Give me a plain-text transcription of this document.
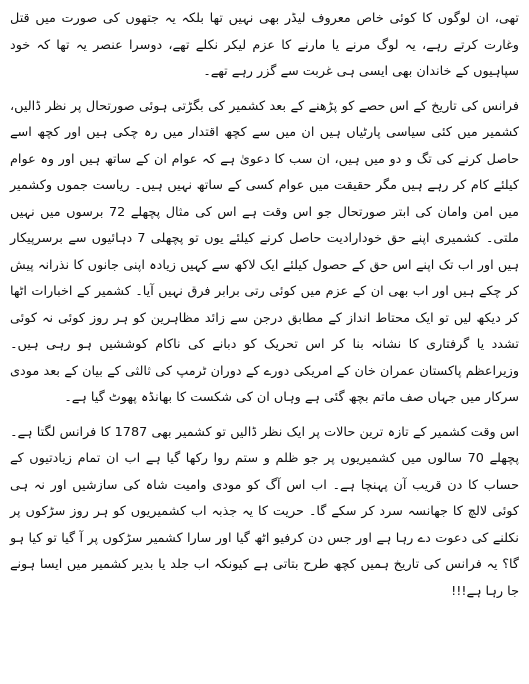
تھی، ان لوگوں کا کوئی خاص معروف لیڈر بھی نہیں تھا بلکہ یہ جتھوں کی صورت میں قتل وغارت کرتے رہے، یہ لوگ مرنے یا مارنے کا عزم لیکر نکلے تھے، دوسرا عنصر یہ تھا کہ خود سپاہیوں کے خاندان بھی ایسی ہی غربت سے گزر رہے تھے۔

فرانس کی تاریخ کے اس حصے کو پڑھنے کے بعد کشمیر کی بگڑتی ہوئی صورتحال پر نظر ڈالیں، کشمیر میں کئی سیاسی پارٹیاں ہیں ان میں سے کچھ اقتدار میں رہ چکی ہیں اور کچھ اسے حاصل کرنے کی تگ و دو میں ہیں، ان سب کا دعویٰ ہے کہ عوام ان کے ساتھ ہیں اور وہ عوام کیلئے کام کر رہے ہیں مگر حقیقت میں عوام کسی کے ساتھ نہیں ہیں۔ ریاست جموں وکشمیر میں امن وامان کی ابتر صورتحال جو اس وقت ہے اس کی مثال پچھلے 72 برسوں میں نہیں ملتی۔ کشمیری اپنے حق خودارادیت حاصل کرنے کیلئے یوں تو پچھلی 7 دہائیوں سے برسرپیکار ہیں اور اب تک اپنے اس حق کے حصول کیلئے ایک لاکھ سے کہیں زیادہ اپنی جانوں کا نذرانہ پیش کر چکے ہیں اور اب بھی ان کے عزم میں کوئی رتی برابر فرق نہیں آیا۔ کشمیر کے اخبارات اٹھا کر دیکھ لیں تو ایک محتاط انداز کے مطابق درجن سے زائد مظاہرین کو ہر روز کوئی نہ کوئی تشدد یا گرفتاری کا نشانہ بنا کر اس تحریک کو دبانے کی ناکام کوششیں ہو رہی ہیں۔ وزیراعظم پاکستان عمران خان کے امریکی دورے کے دوران ٹرمپ کی ثالثی کے بیان کے بعد مودی سرکار میں جہاں صف ماتم بچھ گئی ہے وہاں ان کی شکست کا بھانڈہ پھوٹ گیا ہے۔

اس وقت کشمیر کے تازہ ترین حالات پر ایک نظر ڈالیں تو کشمیر بھی 1787 کا فرانس لگتا ہے۔ پچھلے 70 سالوں میں کشمیریوں پر جو ظلم و ستم روا رکھا گیا ہے اب ان تمام زیادتیوں کے حساب کا دن قریب آن پہنچا ہے۔ اب اس آگ کو مودی وامیت شاہ کی سازشیں اور نہ ہی کوئی لالچ کا جھانسہ سرد کر سکے گا۔ حریت کا یہ جذبہ اب کشمیریوں کو ہر روز سڑکوں پر نکلنے کی دعوت دے رہا ہے اور جس دن کرفیو اٹھ گیا اور سارا کشمیر سڑکوں پر آ گیا تو کیا ہو گا؟ یہ فرانس کی تاریخ ہمیں کچھ طرح بتاتی ہے کیونکہ اب جلد یا بدیر کشمیر میں ایسا ہونے جا رہا ہے!!!
